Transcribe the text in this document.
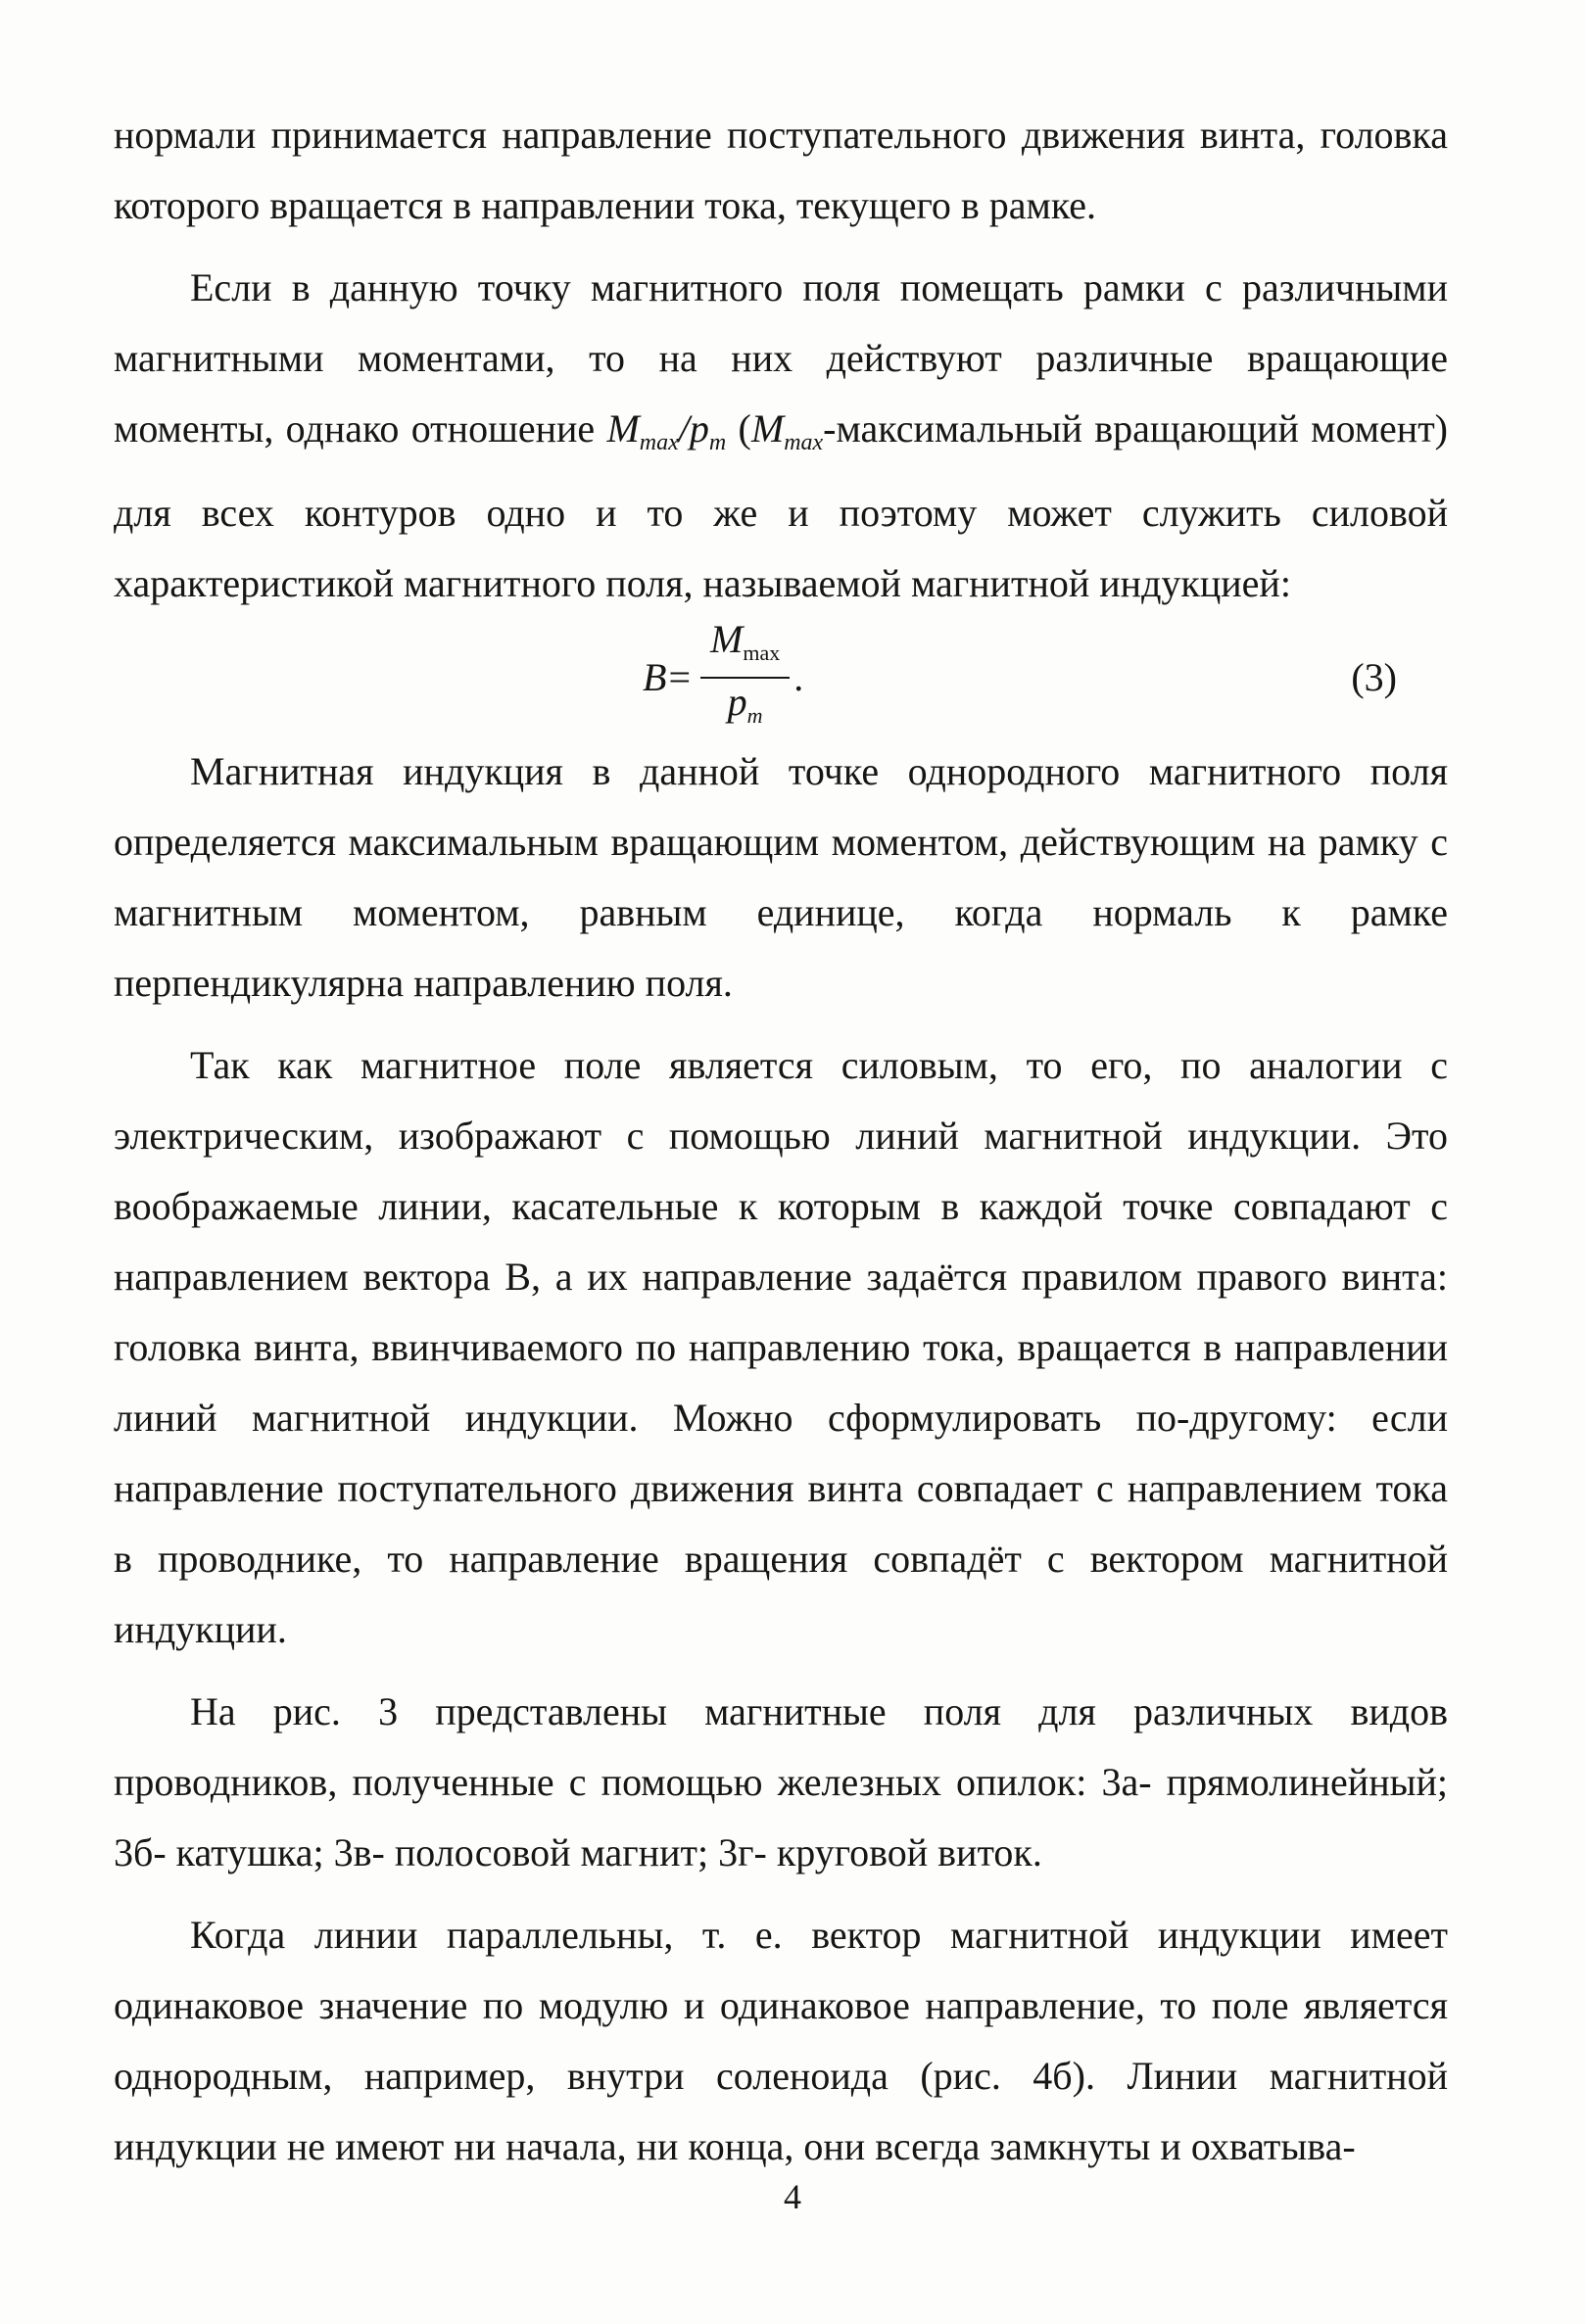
нормали принимается направление поступательного движения винта, головка которого вращается в направлении тока, текущего в рамке.

Если в данную точку магнитного поля помещать рамки с различными магнитными моментами, то на них действуют различные вращающие моменты, однако отношение $M_{max}/p_m$ ($M_{max}$-максимальный вращающий момент) для всех контуров одно и то же и поэтому может служить силовой характеристикой магнитного поля, называемой магнитной индукцией:

$B = \frac{M_{max}}{p_m}$ .	(3)

Магнитная индукция в данной точке однородного магнитного поля определяется максимальным вращающим моментом, действующим на рамку с магнитным моментом, равным единице, когда нормаль к рамке перпендикулярна направлению поля.

Так как магнитное поле является силовым, то его, по аналогии с электрическим, изображают с помощью линий магнитной индукции. Это воображаемые линии, касательные к которым в каждой точке совпадают с направлением вектора В, а их направление задаётся правилом правого винта: головка винта, ввинчиваемого по направлению тока, вращается в направлении линий магнитной индукции. Можно сформулировать по-другому: если направление поступательного движения винта совпадает с направлением тока в проводнике, то направление вращения совпадёт с вектором магнитной индукции.

На рис. 3 представлены магнитные поля для различных видов проводников, полученные с помощью железных опилок: 3а- прямолинейный; 3б- катушка; 3в- полосовой магнит; 3г- круговой виток.

Когда линии параллельны, т. е. вектор магнитной индукции имеет одинаковое значение по модулю и одинаковое направление, то поле является однородным, например, внутри соленоида (рис. 4б). Линии магнитной индукции не имеют ни начала, ни конца, они всегда замкнуты и охватыва-

4
